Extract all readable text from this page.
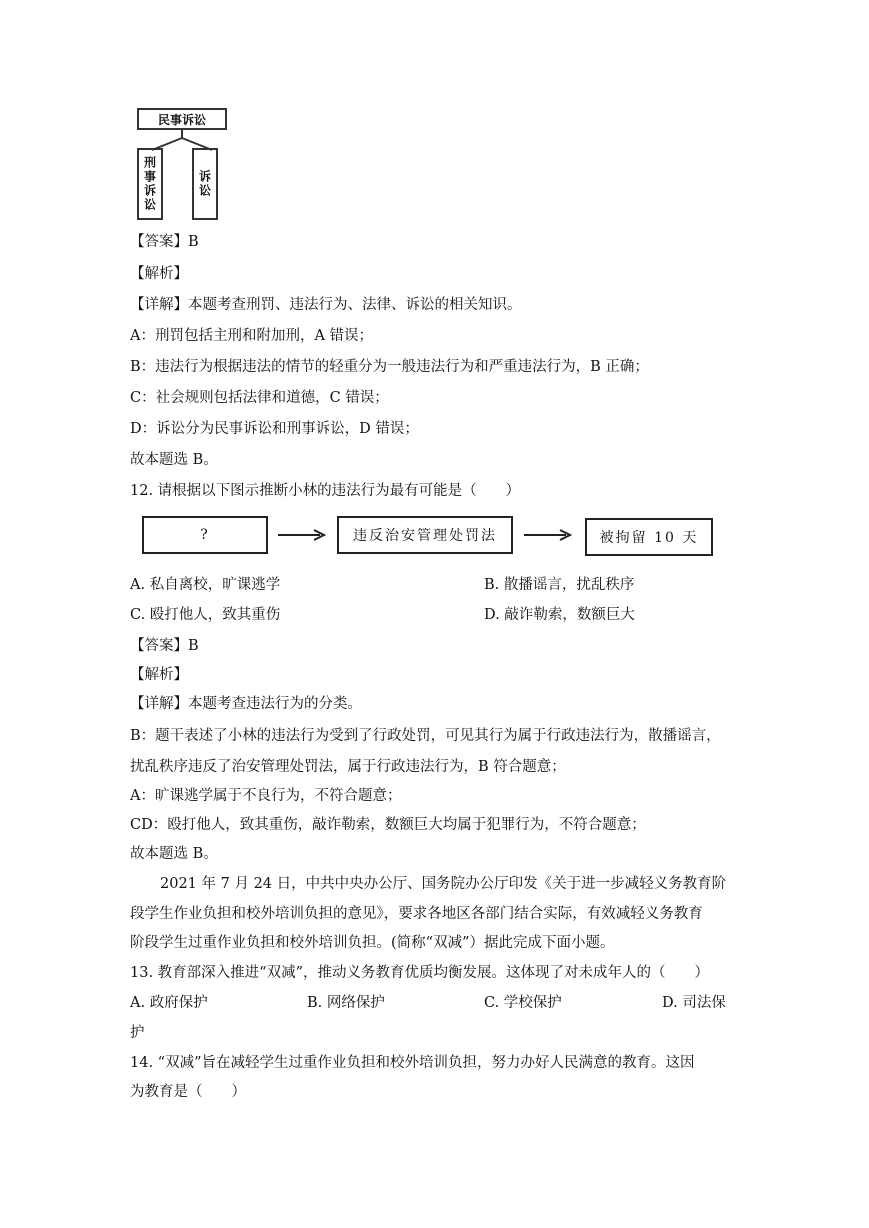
民事诉讼
刑事诉讼	诉讼
【答案】B
【解析】
【详解】本题考查刑罚、违法行为、法律、诉讼的相关知识。
A：刑罚包括主刑和附加刑，A 错误；
B：违法行为根据违法的情节的轻重分为一般违法行为和严重违法行为，B 正确；
C：社会规则包括法律和道德，C 错误；
D：诉讼分为民事诉讼和刑事诉讼，D 错误；
故本题选 B。
12. 请根据以下图示推断小林的违法行为最有可能是（　　）
?	违反治安管理处罚法	被拘留 10 天
A. 私自离校，旷课逃学	B. 散播谣言，扰乱秩序
C. 殴打他人，致其重伤	D. 敲诈勒索，数额巨大
【答案】B
【解析】
【详解】本题考查违法行为的分类。
B：题干表述了小林的违法行为受到了行政处罚，可见其行为属于行政违法行为，散播谣言，
扰乱秩序违反了治安管理处罚法，属于行政违法行为，B 符合题意；
A：旷课逃学属于不良行为，不符合题意；
CD：殴打他人，致其重伤，敲诈勒索，数额巨大均属于犯罪行为，不符合题意；
故本题选 B。
2021 年 7 月 24 日，中共中央办公厅、国务院办公厅印发《关于进一步减轻义务教育阶
段学生作业负担和校外培训负担的意见》，要求各地区各部门结合实际，有效减轻义务教育
阶段学生过重作业负担和校外培训负担。(简称“双减”）据此完成下面小题。
13. 教育部深入推进“双减”，推动义务教育优质均衡发展。这体现了对未成年人的（　　）
A. 政府保护	B. 网络保护	C. 学校保护	D. 司法保
护
14. “双减”旨在减轻学生过重作业负担和校外培训负担，努力办好人民满意的教育。这因
为教育是（　　）
